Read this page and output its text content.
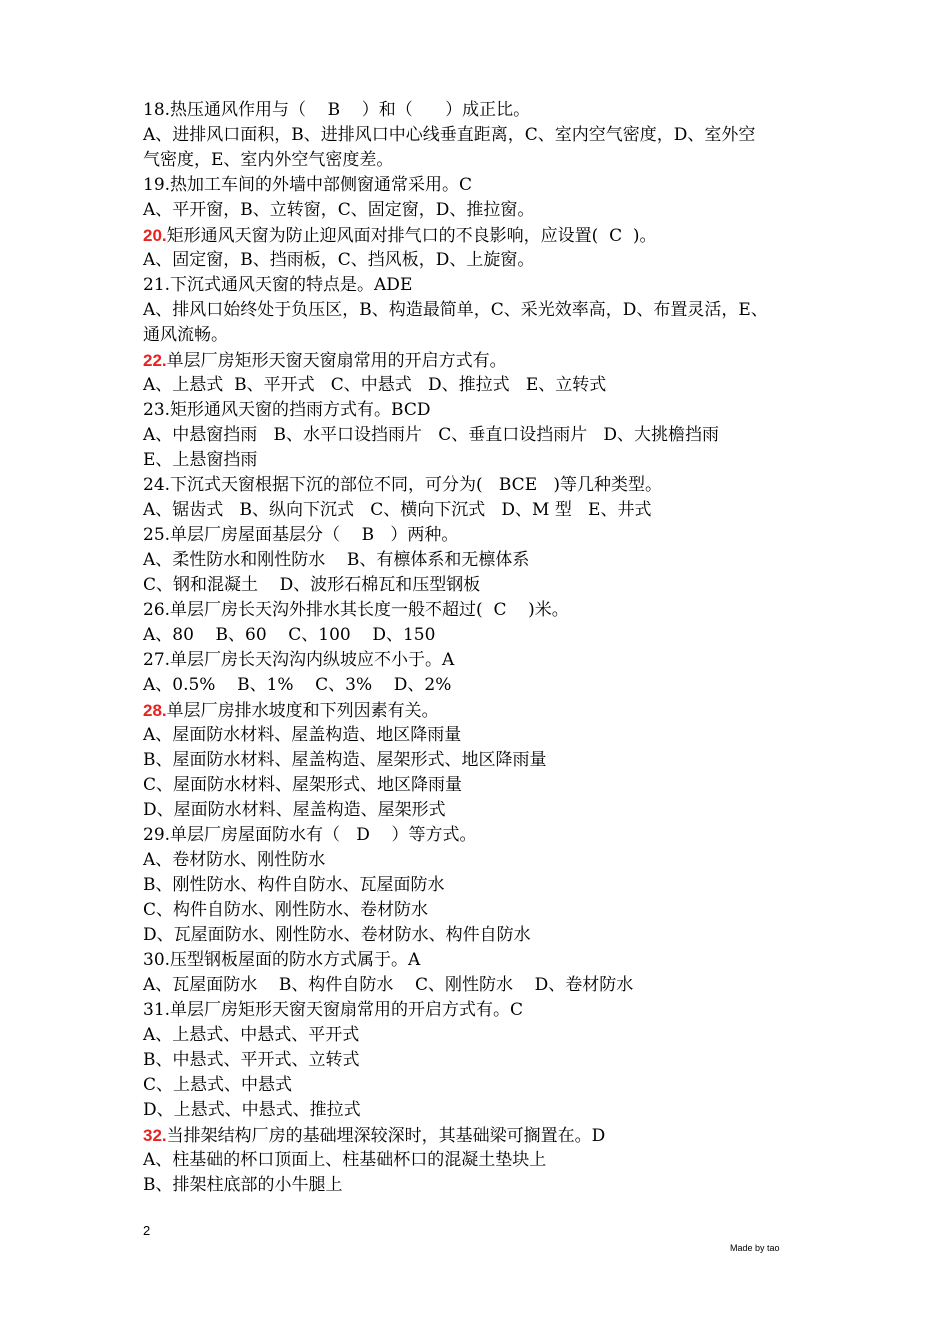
18.热压通风作用与（    B    ）和（      ）成正比。
A、进排风口面积，B、进排风口中心线垂直距离，C、室内空气密度，D、室外空
气密度，E、室内外空气密度差。
19.热加工车间的外墙中部侧窗通常采用。C
A、平开窗，B、立转窗，C、固定窗，D、推拉窗。
20.矩形通风天窗为防止迎风面对排气口的不良影响，应设置(  C  )。
A、固定窗，B、挡雨板，C、挡风板，D、上旋窗。
21.下沉式通风天窗的特点是。ADE
A、排风口始终处于负压区，B、构造最简单，C、采光效率高，D、布置灵活，E、
通风流畅。
22.单层厂房矩形天窗天窗扇常用的开启方式有。
A、上悬式  B、平开式   C、中悬式   D、推拉式   E、立转式
23.矩形通风天窗的挡雨方式有。BCD
A、中悬窗挡雨   B、水平口设挡雨片   C、垂直口设挡雨片   D、大挑檐挡雨
E、上悬窗挡雨
24.下沉式天窗根据下沉的部位不同，可分为(   BCE   )等几种类型。
A、锯齿式   B、纵向下沉式   C、横向下沉式   D、M 型   E、井式
25.单层厂房屋面基层分（    B   ）两种。
A、柔性防水和刚性防水    B、有檩体系和无檩体系
C、钢和混凝土    D、波形石棉瓦和压型钢板
26.单层厂房长天沟外排水其长度一般不超过(  C    )米。
A、80    B、60    C、100    D、150
27.单层厂房长天沟沟内纵坡应不小于。A
A、0.5%    B、1%    C、3%    D、2%
28.单层厂房排水坡度和下列因素有关。
A、屋面防水材料、屋盖构造、地区降雨量
B、屋面防水材料、屋盖构造、屋架形式、地区降雨量
C、屋面防水材料、屋架形式、地区降雨量
D、屋面防水材料、屋盖构造、屋架形式
29.单层厂房屋面防水有（   D    ）等方式。
A、卷材防水、刚性防水
B、刚性防水、构件自防水、瓦屋面防水
C、构件自防水、刚性防水、卷材防水
D、瓦屋面防水、刚性防水、卷材防水、构件自防水
30.压型钢板屋面的防水方式属于。A
A、瓦屋面防水    B、构件自防水    C、刚性防水    D、卷材防水
31.单层厂房矩形天窗天窗扇常用的开启方式有。C
A、上悬式、中悬式、平开式
B、中悬式、平开式、立转式
C、上悬式、中悬式
D、上悬式、中悬式、推拉式
32.当排架结构厂房的基础埋深较深时，其基础梁可搁置在。D
A、柱基础的杯口顶面上、柱基础杯口的混凝土垫块上
B、排架柱底部的小牛腿上
2
Made by tao
